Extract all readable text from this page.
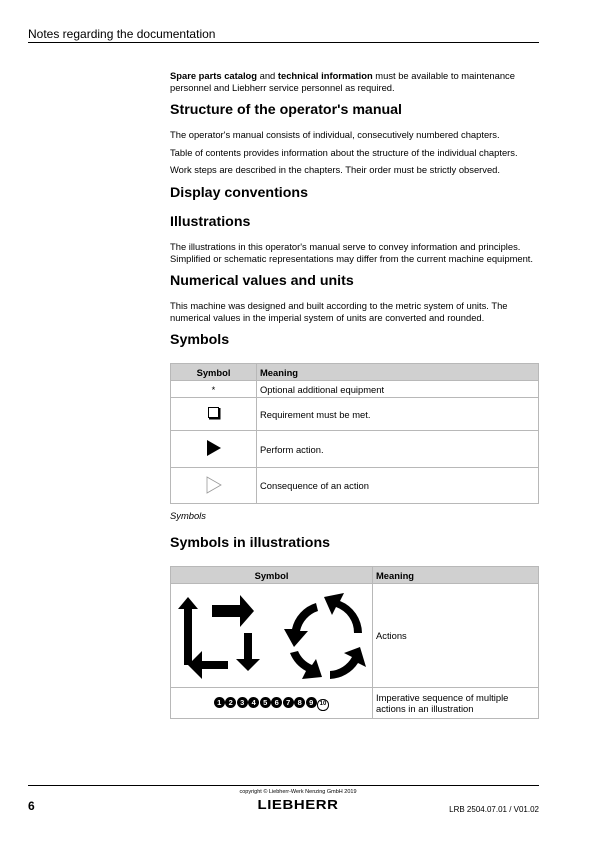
Notes regarding the documentation

Spare parts catalog and technical information must be available to maintenance personnel and Liebherr service personnel as required.

Structure of the operator's manual

The operator's manual consists of individual, consecutively numbered chapters.

Table of contents provides information about the structure of the individual chapters.

Work steps are described in the chapters. Their order must be strictly observed.

Display conventions
Illustrations

The illustrations in this operator's manual serve to convey information and principles. Simplified or schematic representations may differ from the current machine equipment.

Numerical values and units

This machine was designed and built according to the metric system of units. The numerical values in the imperial system of units are converted and rounded.

Symbols
Symbol	Meaning
*	Optional additional equipment
	Requirement must be met.
	Perform action.
	Consequence of an action
Symbols
Symbols in illustrations
Symbol	Meaning
	Actions
1 2 3 4 5 6 7 8 9 10	Imperative sequence of multiple actions in an illustration
6
copyright © Liebherr-Werk Nenzing GmbH 2019
LIEBHERR	LRB 2504.07.01 / V01.02
